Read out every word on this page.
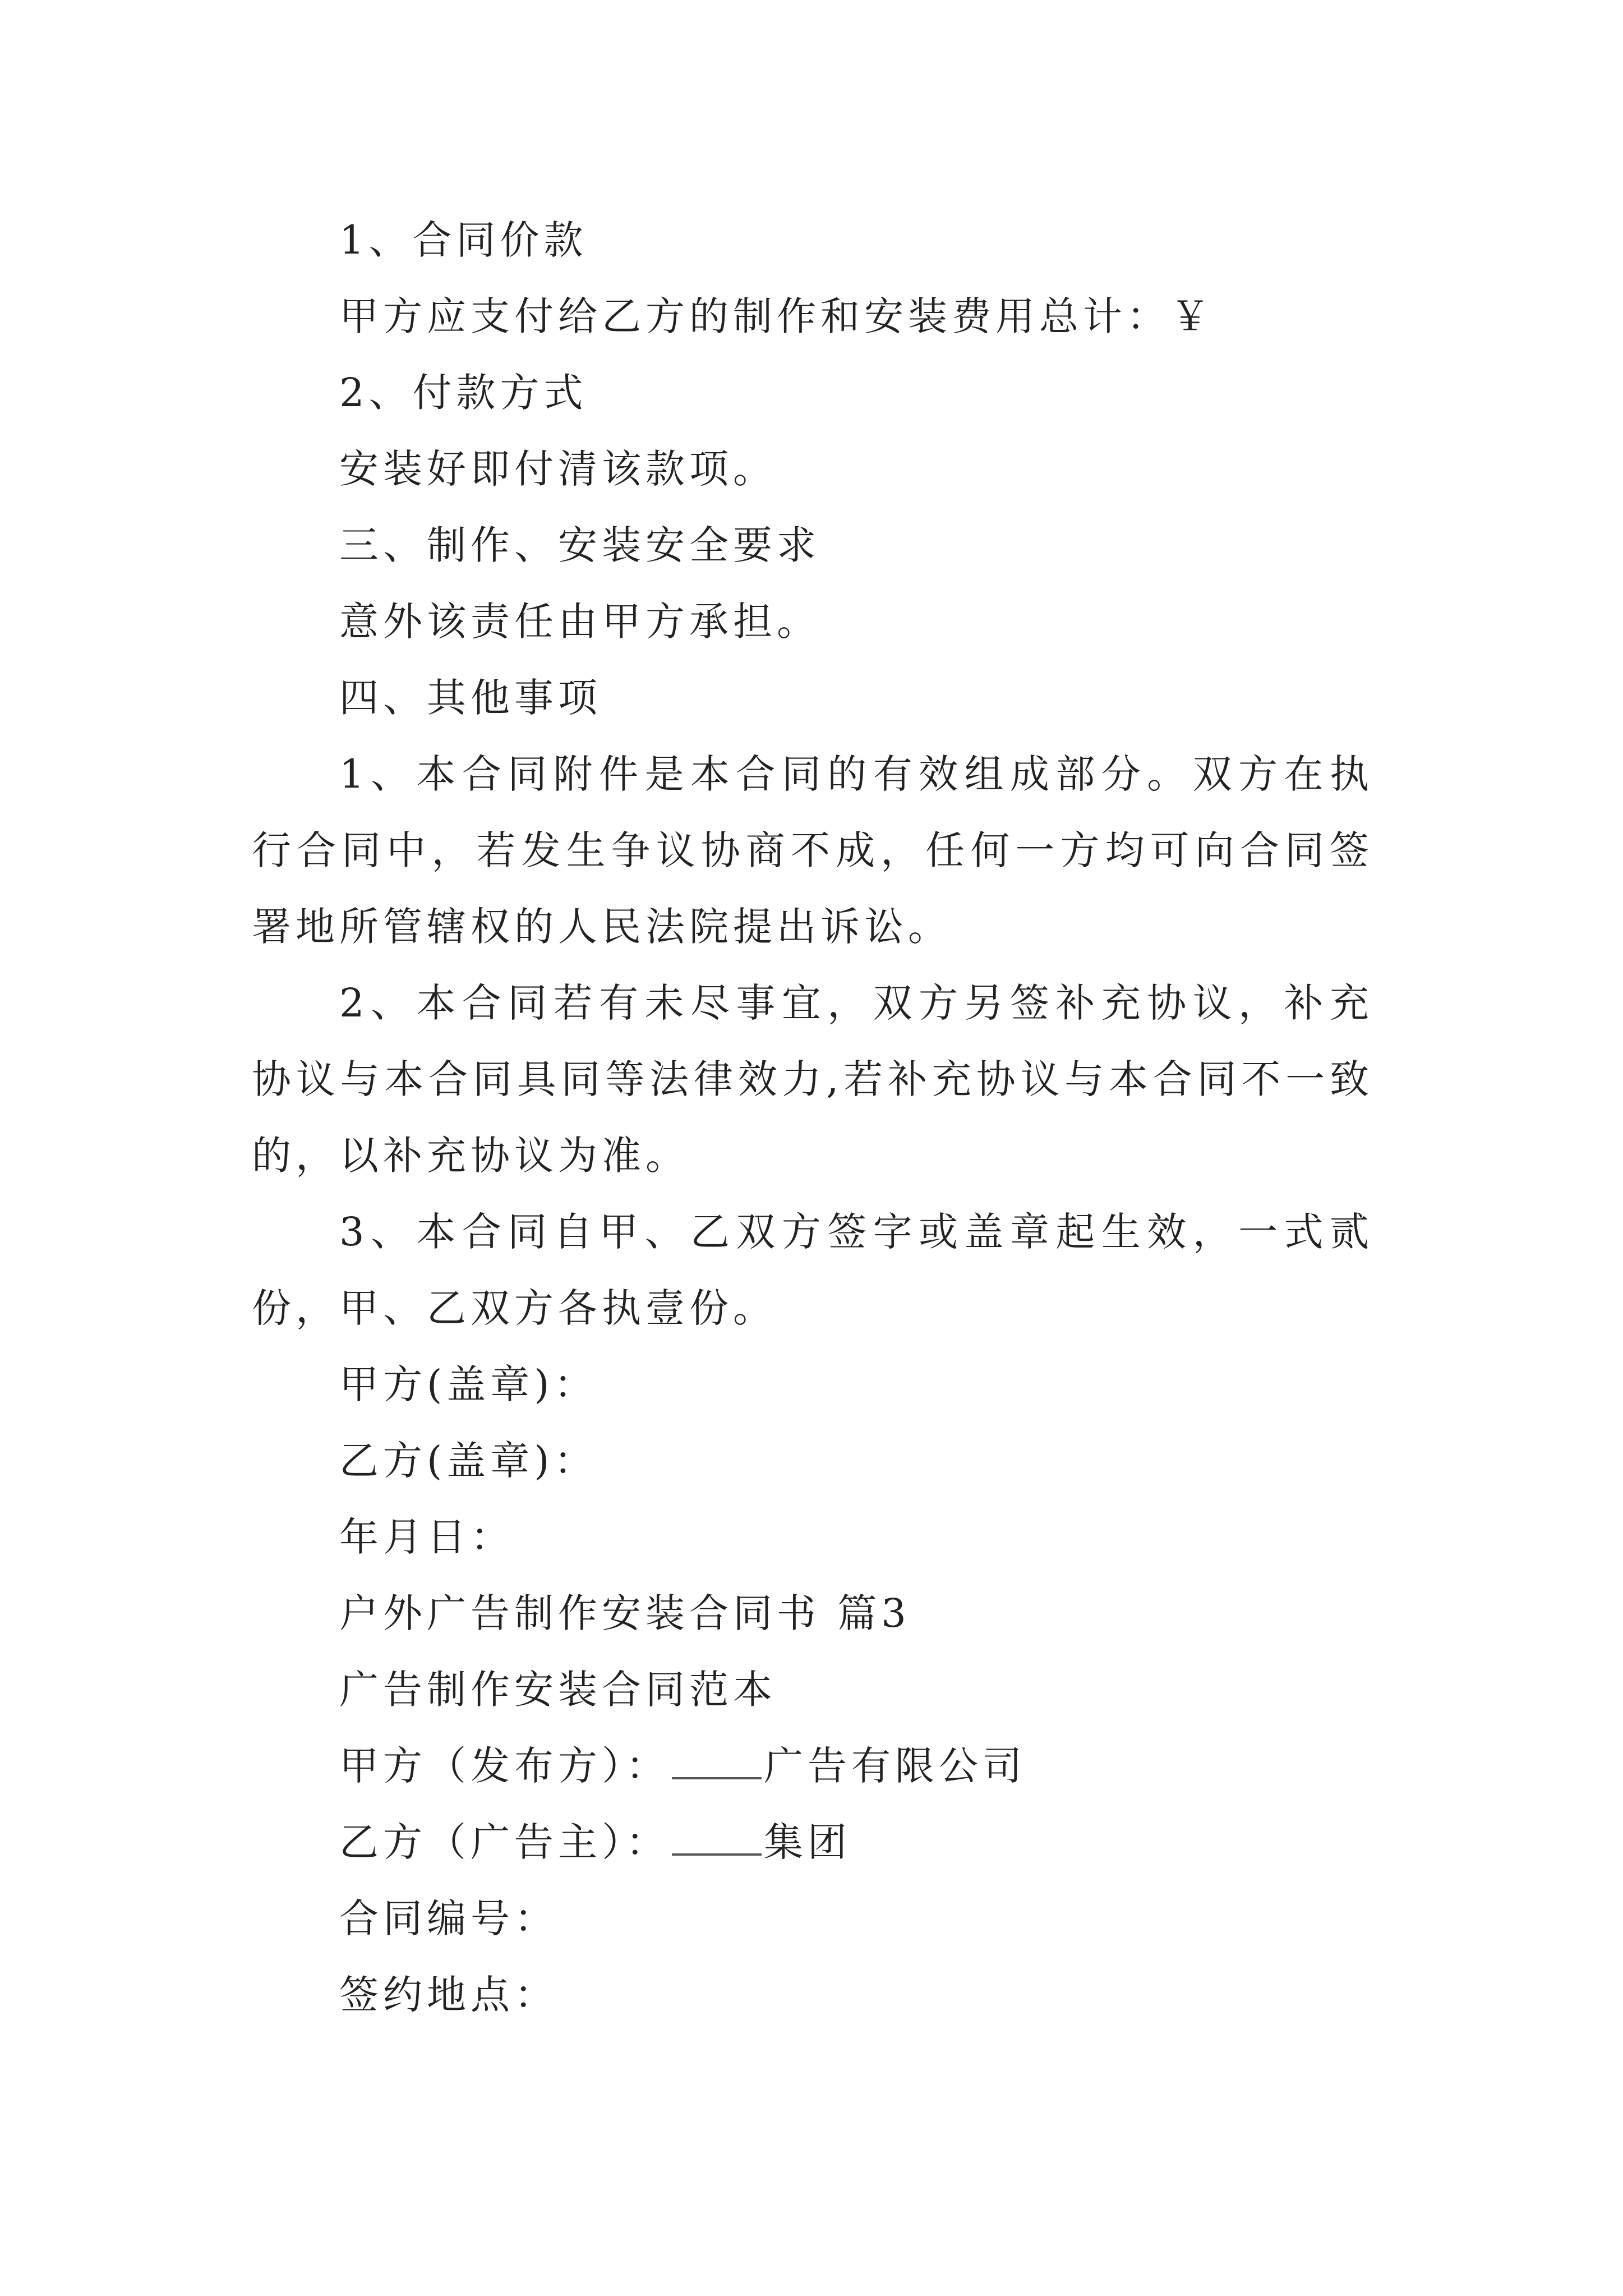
1、合同价款

甲方应支付给乙方的制作和安装费用总计：￥

2、付款方式

安装好即付清该款项。

三、制作、安装安全要求

意外该责任由甲方承担。

四、其他事项

1、本合同附件是本合同的有效组成部分。双方在执行合同中，若发生争议协商不成，任何一方均可向合同签署地所管辖权的人民法院提出诉讼。

2、本合同若有未尽事宜，双方另签补充协议，补充协议与本合同具同等法律效力,若补充协议与本合同不一致的，以补充协议为准。

3、本合同自甲、乙双方签字或盖章起生效，一式贰份，甲、乙双方各执壹份。

甲方(盖章)：

乙方(盖章)：

年月日：

户外广告制作安装合同书 篇3

广告制作安装合同范本

甲方（发布方）： 广告有限公司

乙方（广告主）： 集团

合同编号：

签约地点：
